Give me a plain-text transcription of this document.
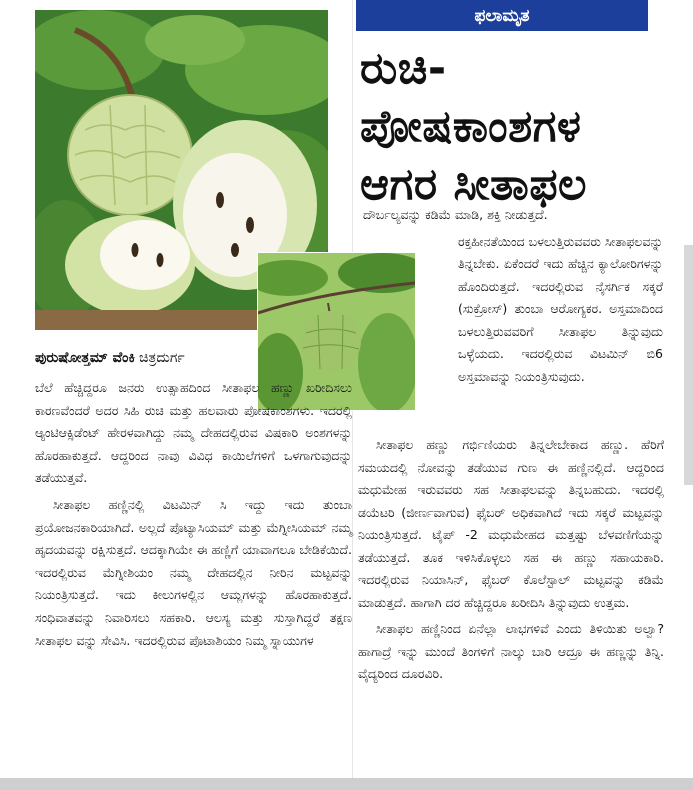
ಫಲಾಮೃತ
ರುಚಿ-
ಪೋಷಕಾಂಶಗಳ
ಆಗರ ಸೀತಾಫಲ
ಪುರುಷೋತ್ತಮ್ ವೆಂಕಿ ಚಿತ್ರದುರ್ಗ

ಬೆಲೆ ಹೆಚ್ಚಿದ್ದರೂ ಜನರು ಉತ್ಸಾಹದಿಂದ ಸೀತಾಫಲ ಹಣ್ಣು ಖರೀದಿಸಲು ಕಾರಣವೆಂದರೆ ಅದರ ಸಿಹಿ ರುಚಿ ಮತ್ತು ಹಲವಾರು ಪೋಷಕಾಂಶಗಳು. ಇದರಲ್ಲಿ ಆ್ಯಂಟಿಆಕ್ಸಿಡೆಂಟ್ ಹೇರಳವಾಗಿದ್ದು ನಮ್ಮ ದೇಹದಲ್ಲಿರುವ ವಿಷಕಾರಿ ಅಂಶಗಳನ್ನು ಹೊರಹಾಕುತ್ತದೆ. ಆದ್ದರಿಂದ ನಾವು ವಿವಿಧ ಕಾಯಿಲೆಗಳಿಗೆ ಒಳಗಾಗುವುದನ್ನು ತಡೆಯುತ್ತವೆ.

ಸೀತಾಫಲ ಹಣ್ಣಿನಲ್ಲಿ ವಿಟಮಿನ್ ಸಿ ಇದ್ದು ಇದು ತುಂಬಾ ಪ್ರಯೋಜನಕಾರಿಯಾಗಿದೆ. ಅಲ್ಲದೆ ಪೊಟ್ಯಾಸಿಯಮ್ ಮತ್ತು ಮೆಗ್ನೀಸಿಯಮ್ ನಮ್ಮ ಹೃದಯವನ್ನು ರಕ್ಷಿಸುತ್ತದೆ. ಆದಕ್ಕಾಗಿಯೇ ಈ ಹಣ್ಣಿಗೆ ಯಾವಾಗಲೂ ಬೇಡಿಕೆಯಿದೆ. ಇದರಲ್ಲಿರುವ ಮೆಗ್ನೀಶಿಯಂ ನಮ್ಮ ದೇಹದಲ್ಲಿನ ನೀರಿನ ಮಟ್ಟವನ್ನು ನಿಯಂತ್ರಿಸುತ್ತದೆ. ಇದು ಕೀಲುಗಳಲ್ಲಿನ ಆಮ್ಲಗಳನ್ನು ಹೊರಹಾಕುತ್ತದೆ. ಸಂಧಿವಾತವನ್ನು ನಿವಾರಿಸಲು ಸಹಕಾರಿ. ಆಲಸ್ಯ ಮತ್ತು ಸುಸ್ತಾಗಿದ್ದರೆ ತಕ್ಷಣ ಸೀತಾಫಲ ವನ್ನು ಸೇವಿಸಿ. ಇದರಲ್ಲಿರುವ ಪೊಟಾಶಿಯಂ ನಿಮ್ಮ ಸ್ನಾಯುಗಳ

ದೌರ್ಬಲ್ಯವನ್ನು ಕಡಿಮೆ ಮಾಡಿ, ಶಕ್ತಿ ನೀಡುತ್ತದೆ.

ರಕ್ತಹೀನತೆಯಿಂದ ಬಳಲುತ್ತಿರುವವರು ಸೀತಾಫಲವನ್ನು ತಿನ್ನಬೇಕು. ಏಕೆಂದರೆ ಇದು ಹೆಚ್ಚಿನ ಕ್ಯಾಲೋರಿಗಳನ್ನು ಹೊಂದಿರುತ್ತದೆ. ಇದರಲ್ಲಿರುವ ನೈಸರ್ಗಿಕ ಸಕ್ಕರೆ (ಸುಕ್ರೋಸ್) ತುಂಬಾ ಆರೋಗ್ಯಕರ. ಅಸ್ತಮಾದಿಂದ ಬಳಲುತ್ತಿರುವವರಿಗೆ ಸೀತಾಫಲ ತಿನ್ನುವುದು ಒಳ್ಳೆಯದು. ಇದರಲ್ಲಿರುವ ವಿಟಮಿನ್ ಬಿ6 ಅಸ್ತಮಾವನ್ನು ನಿಯಂತ್ರಿಸುವುದು.

ಸೀತಾಫಲ ಹಣ್ಣು ಗರ್ಭಿಣಿಯರು ತಿನ್ನಲೇಬೇಕಾದ ಹಣ್ಣು. ಹೆರಿಗೆ ಸಮಯದಲ್ಲಿ ನೋವನ್ನು ತಡೆಯುವ ಗುಣ ಈ ಹಣ್ಣಿನಲ್ಲಿದೆ. ಆದ್ದರಿಂದ ಮಧುಮೇಹ ಇರುವವರು ಸಹ ಸೀತಾಫಲವನ್ನು ತಿನ್ನಬಹುದು. ಇದರಲ್ಲಿ ಡಯೆಟರಿ (ಜೀರ್ಣವಾಗುವ) ಫೈಬರ್ ಅಧಿಕವಾಗಿದೆ ಇದು ಸಕ್ಕರೆ ಮಟ್ಟವನ್ನು ನಿಯಂತ್ರಿಸುತ್ತದೆ. ಟೈಪ್ -2 ಮಧುಮೇಹದ ಮತ್ತಷ್ಟು ಬೆಳವಣಿಗೆಯನ್ನು ತಡೆಯುತ್ತದೆ. ತೂಕ ಇಳಿಸಿಕೊಳ್ಳಲು ಸಹ ಈ ಹಣ್ಣು ಸಹಾಯಕಾರಿ. ಇದರಲ್ಲಿರುವ ನಿಯಾಸಿನ್, ಫೈಬರ್ ಕೊಲೆಸ್ಟಾಲ್ ಮಟ್ಟವನ್ನು ಕಡಿಮೆ ಮಾಡುತ್ತದೆ. ಹಾಗಾಗಿ ದರ ಹೆಚ್ಚಿದ್ದರೂ ಖರೀದಿಸಿ ತಿನ್ನುವುದು ಉತ್ತಮ.

ಸೀತಾಫಲ ಹಣ್ಣಿನಿಂದ ಏನೆಲ್ಲಾ ಲಾಭಗಳಿವೆ ಎಂದು ತಿಳಿಯಿತು ಅಲ್ವಾ? ಹಾಗಾದ್ರೆ ಇನ್ನು ಮುಂದೆ ತಿಂಗಳಿಗೆ ನಾಲ್ಕು ಬಾರಿ ಆದ್ರೂ ಈ ಹಣ್ಣನ್ನು ತಿನ್ನಿ. ವೈದ್ಯರಿಂದ ದೂರವಿರಿ.
